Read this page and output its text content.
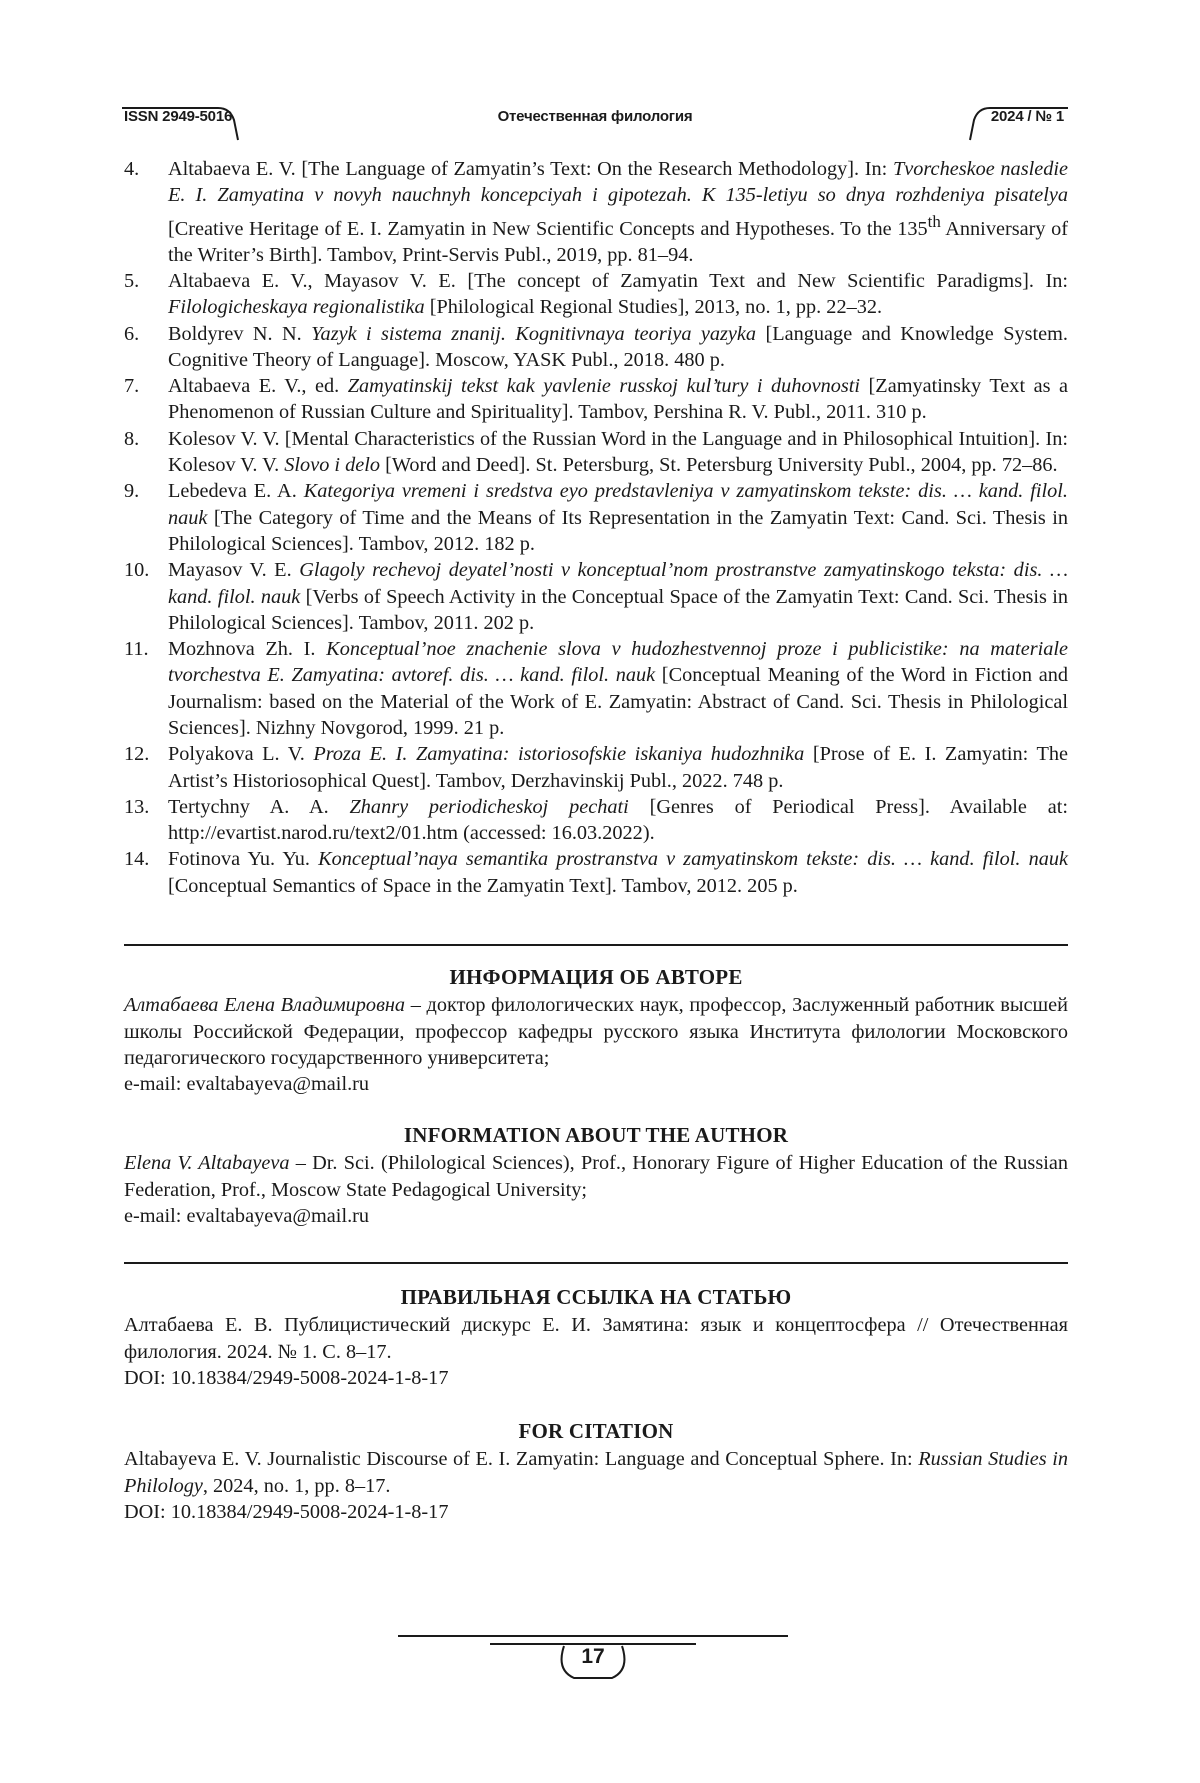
ISSN 2949-5016	Отечественная филология	2024 / № 1
4. Altabaeva E. V. [The Language of Zamyatin’s Text: On the Research Methodology]. In: Tvorcheskoe nasledie E. I. Zamyatina v novyh nauchnyh koncepciyah i gipotezah. K 135-letiyu so dnya rozhdeniya pisatelya [Creative Heritage of E. I. Zamyatin in New Scientific Concepts and Hypotheses. To the 135th Anniversary of the Writer’s Birth]. Tambov, Print-Servis Publ., 2019, pp. 81–94.
5. Altabaeva E. V., Mayasov V. E. [The concept of Zamyatin Text and New Scientific Paradigms]. In: Filologicheskaya regionalistika [Philological Regional Studies], 2013, no. 1, pp. 22–32.
6. Boldyrev N. N. Yazyk i sistema znanij. Kognitivnaya teoriya yazyka [Language and Knowledge System. Cognitive Theory of Language]. Moscow, YASK Publ., 2018. 480 p.
7. Altabaeva E. V., ed. Zamyatinskij tekst kak yavlenie russkoj kul’tury i duhovnosti [Zamyatinsky Text as a Phenomenon of Russian Culture and Spirituality]. Tambov, Pershina R. V. Publ., 2011. 310 p.
8. Kolesov V. V. [Mental Characteristics of the Russian Word in the Language and in Philosophical Intuition]. In: Kolesov V. V. Slovo i delo [Word and Deed]. St. Petersburg, St. Petersburg University Publ., 2004, pp. 72–86.
9. Lebedeva E. A. Kategoriya vremeni i sredstva eyo predstavleniya v zamyatinskom tekste: dis. … kand. filol. nauk [The Category of Time and the Means of Its Representation in the Zamyatin Text: Cand. Sci. Thesis in Philological Sciences]. Tambov, 2012. 182 p.
10. Mayasov V. E. Glagoly rechevoj deyatel’nosti v konceptual’nom prostranstve zamyatinskogo teksta: dis. … kand. filol. nauk [Verbs of Speech Activity in the Conceptual Space of the Zamyatin Text: Cand. Sci. Thesis in Philological Sciences]. Tambov, 2011. 202 p.
11. Mozhnova Zh. I. Konceptual’noe znachenie slova v hudozhestvennoj proze i publicistike: na materiale tvorchestva E. Zamyatina: avtoref. dis. … kand. filol. nauk [Conceptual Meaning of the Word in Fiction and Journalism: based on the Material of the Work of E. Zamyatin: Abstract of Cand. Sci. Thesis in Philological Sciences]. Nizhny Novgorod, 1999. 21 p.
12. Polyakova L. V. Proza E. I. Zamyatina: istoriosofskie iskaniya hudozhnika [Prose of E. I. Zamyatin: The Artist’s Historiosophical Quest]. Tambov, Derzhavinskij Publ., 2022. 748 p.
13. Tertychny A. A. Zhanry periodicheskoj pechati [Genres of Periodical Press]. Available at: http://evartist.narod.ru/text2/01.htm (accessed: 16.03.2022).
14. Fotinova Yu. Yu. Konceptual’naya semantika prostranstva v zamyatinskom tekste: dis. … kand. filol. nauk [Conceptual Semantics of Space in the Zamyatin Text]. Tambov, 2012. 205 p.
ИНФОРМАЦИЯ ОБ АВТОРЕ

Алтабаева Елена Владимировна – доктор филологических наук, профессор, Заслуженный работник высшей школы Российской Федерации, профессор кафедры русского языка Института филологии Московского педагогического государственного университета;

e-mail: evaltabayeva@mail.ru

INFORMATION ABOUT THE AUTHOR

Elena V. Altabayeva – Dr. Sci. (Philological Sciences), Prof., Honorary Figure of Higher Education of the Russian Federation, Prof., Moscow State Pedagogical University;

e-mail: evaltabayeva@mail.ru

ПРАВИЛЬНАЯ ССЫЛКА НА СТАТЬЮ

Алтабаева Е. В. Публицистический дискурс Е. И. Замятина: язык и концептосфера // Отечественная филология. 2024. № 1. С. 8–17.

DOI: 10.18384/2949-5008-2024-1-8-17

FOR CITATION

Altabayeva E. V. Journalistic Discourse of E. I. Zamyatin: Language and Conceptual Sphere. In: Russian Studies in Philology, 2024, no. 1, pp. 8–17.

DOI: 10.18384/2949-5008-2024-1-8-17

17
